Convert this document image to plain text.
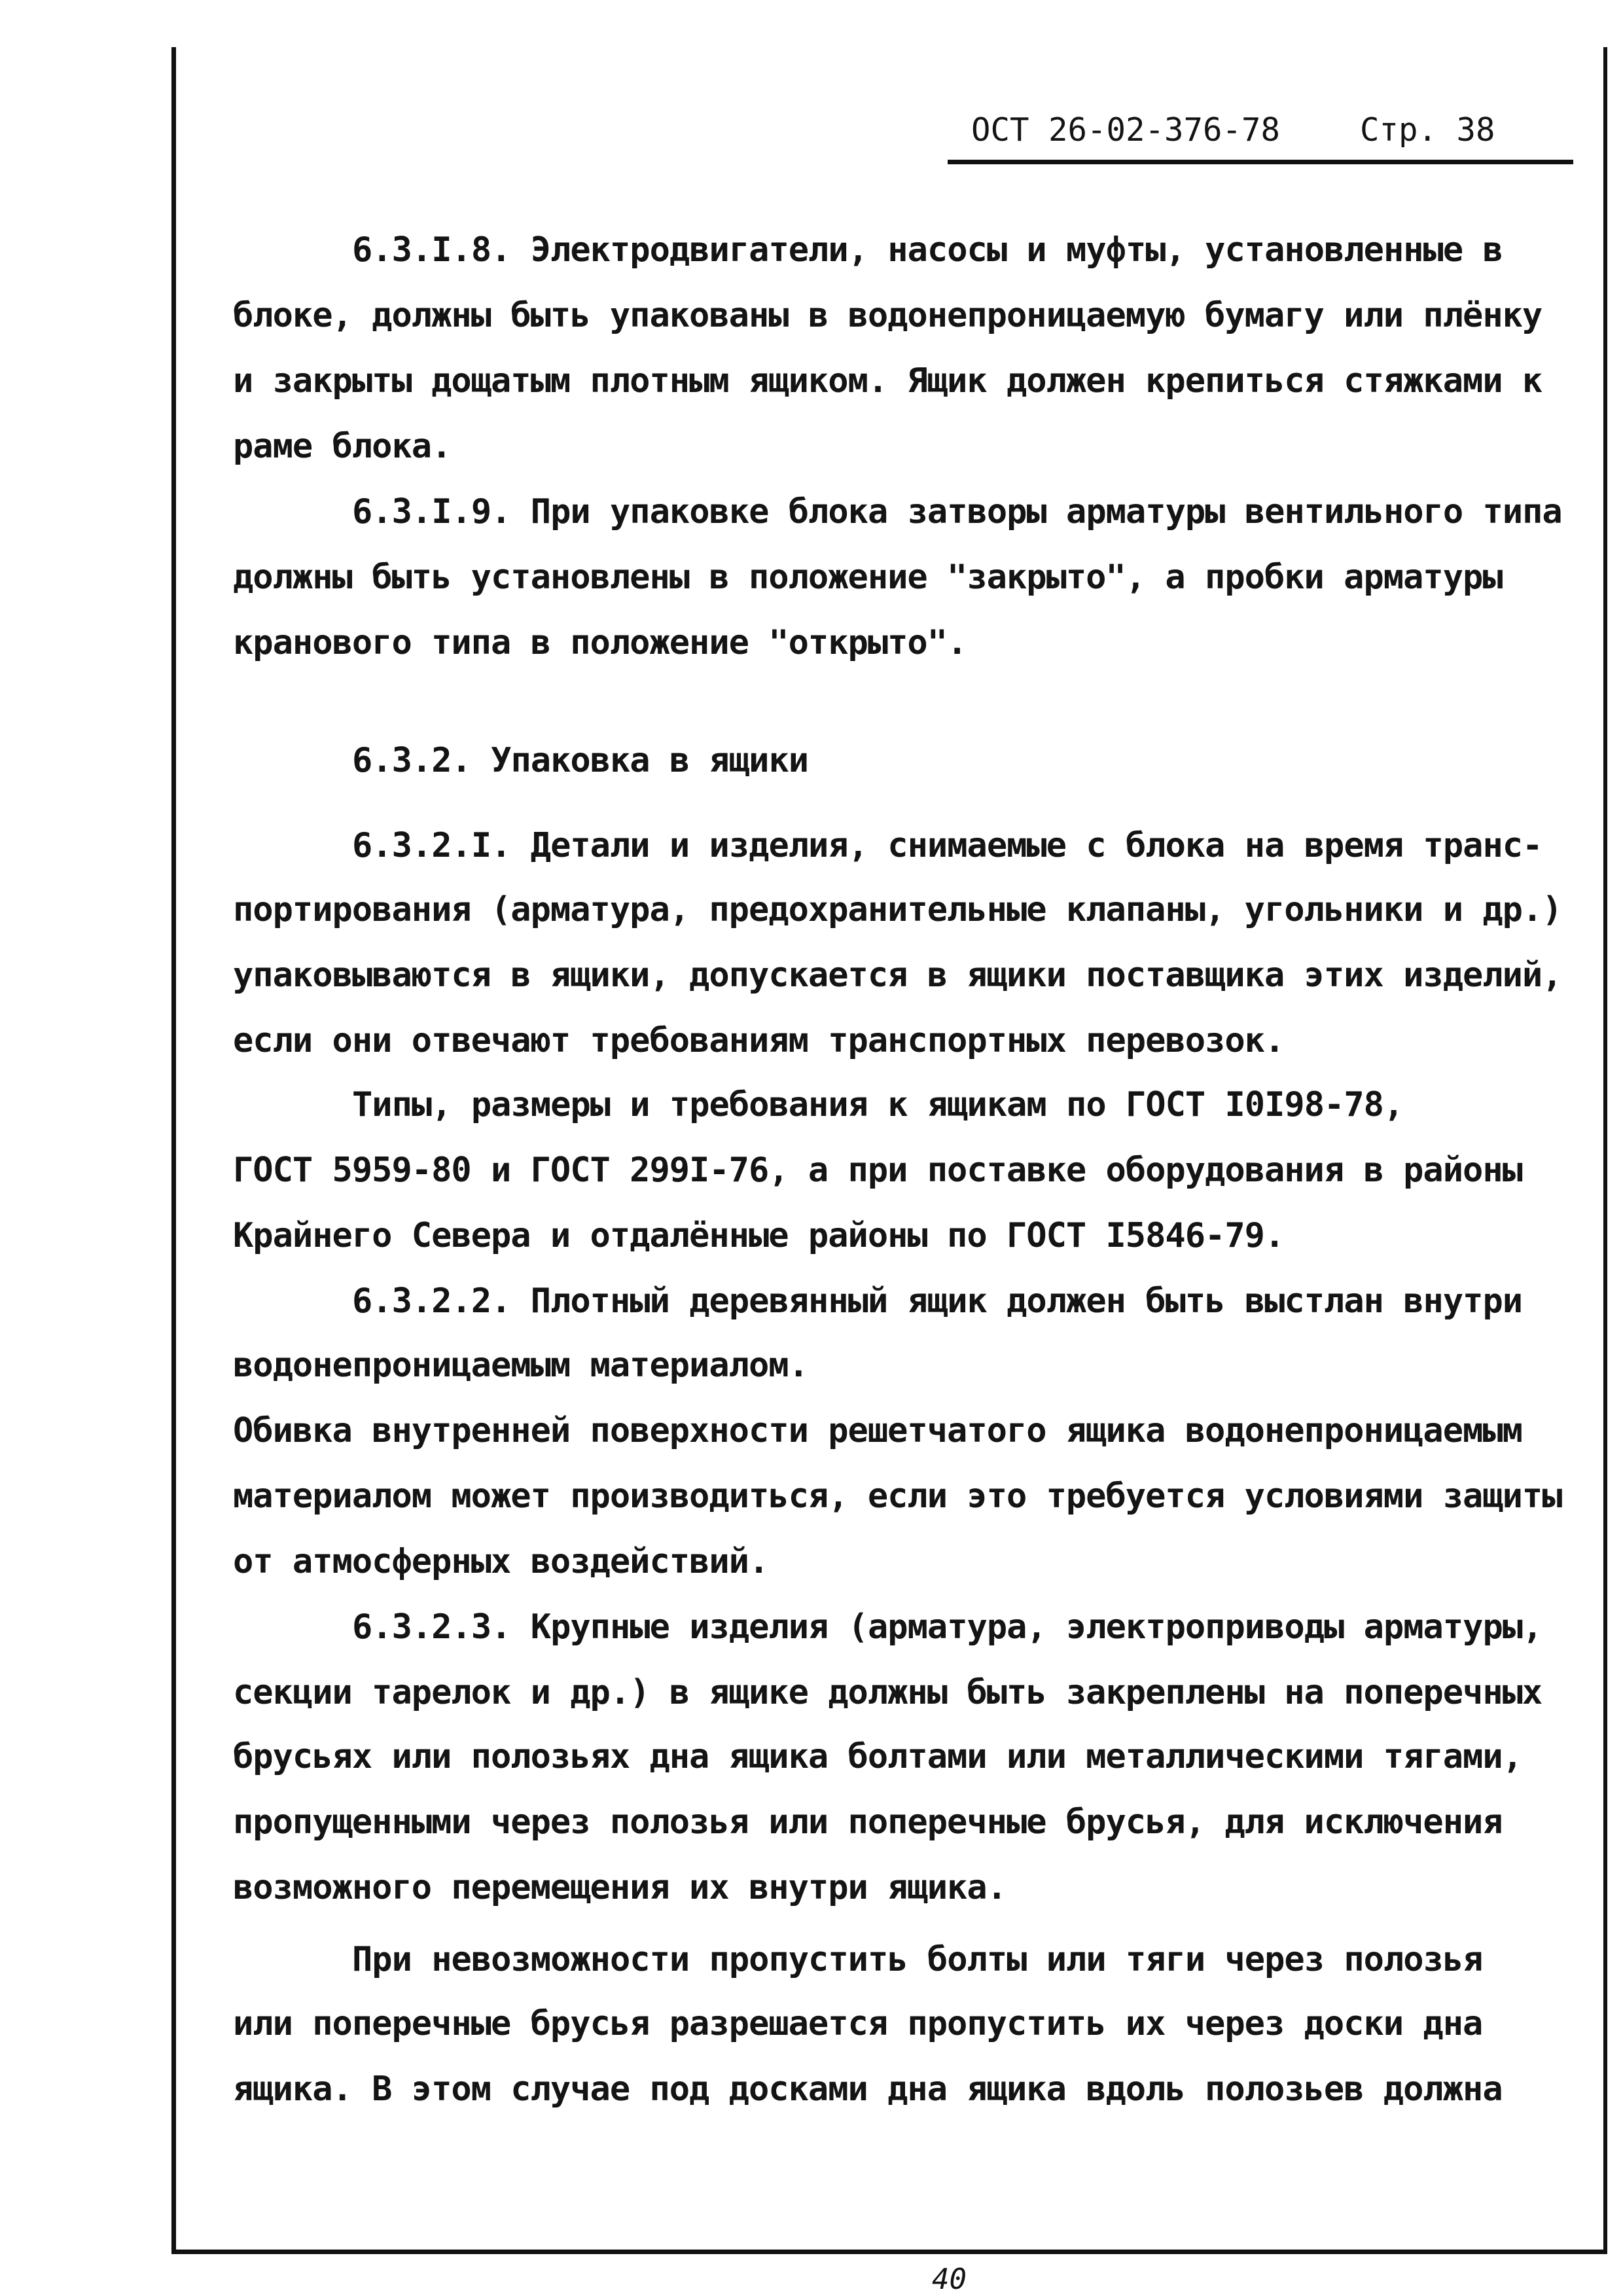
ОСТ 26-02-376-78 Стр. 38
6.3.I.8. Электродвигатели, насосы и муфты, установленные в
блоке, должны быть упакованы в водонепроницаемую бумагу или плёнку
и закрыты дощатым плотным ящиком. Ящик должен крепиться стяжками к
раме блока.
6.3.I.9. При упаковке блока затворы арматуры вентильного типа
должны быть установлены в положение "закрыто", а пробки арматуры
кранового типа в положение "открыто".
6.3.2. Упаковка в ящики
6.3.2.I. Детали и изделия, снимаемые с блока на время транс-
портирования (арматура, предохранительные клапаны, угольники и др.)
упаковываются в ящики, допускается в ящики поставщика этих изделий,
если они отвечают требованиям транспортных перевозок.
Типы, размеры и требования к ящикам по ГОСТ I0I98-78,
ГОСТ 5959-80 и ГОСТ 299I-76, а при поставке оборудования в районы
Крайнего Севера и отдалённые районы по ГОСТ I5846-79.
6.3.2.2. Плотный деревянный ящик должен быть выстлан внутри
водонепроницаемым материалом.
Обивка внутренней поверхности решетчатого ящика водонепроницаемым
материалом может производиться, если это требуется условиями защиты
от атмосферных воздействий.
6.3.2.3. Крупные изделия (арматура, электроприводы арматуры,
секции тарелок и др.) в ящике должны быть закреплены на поперечных
брусьях или полозьях дна ящика болтами или металлическими тягами,
пропущенными через полозья или поперечные брусья, для исключения
возможного перемещения их внутри ящика.
При невозможности пропустить болты или тяги через полозья
или поперечные брусья разрешается пропустить их через доски дна
ящика. В этом случае под досками дна ящика вдоль полозьев должна
40
